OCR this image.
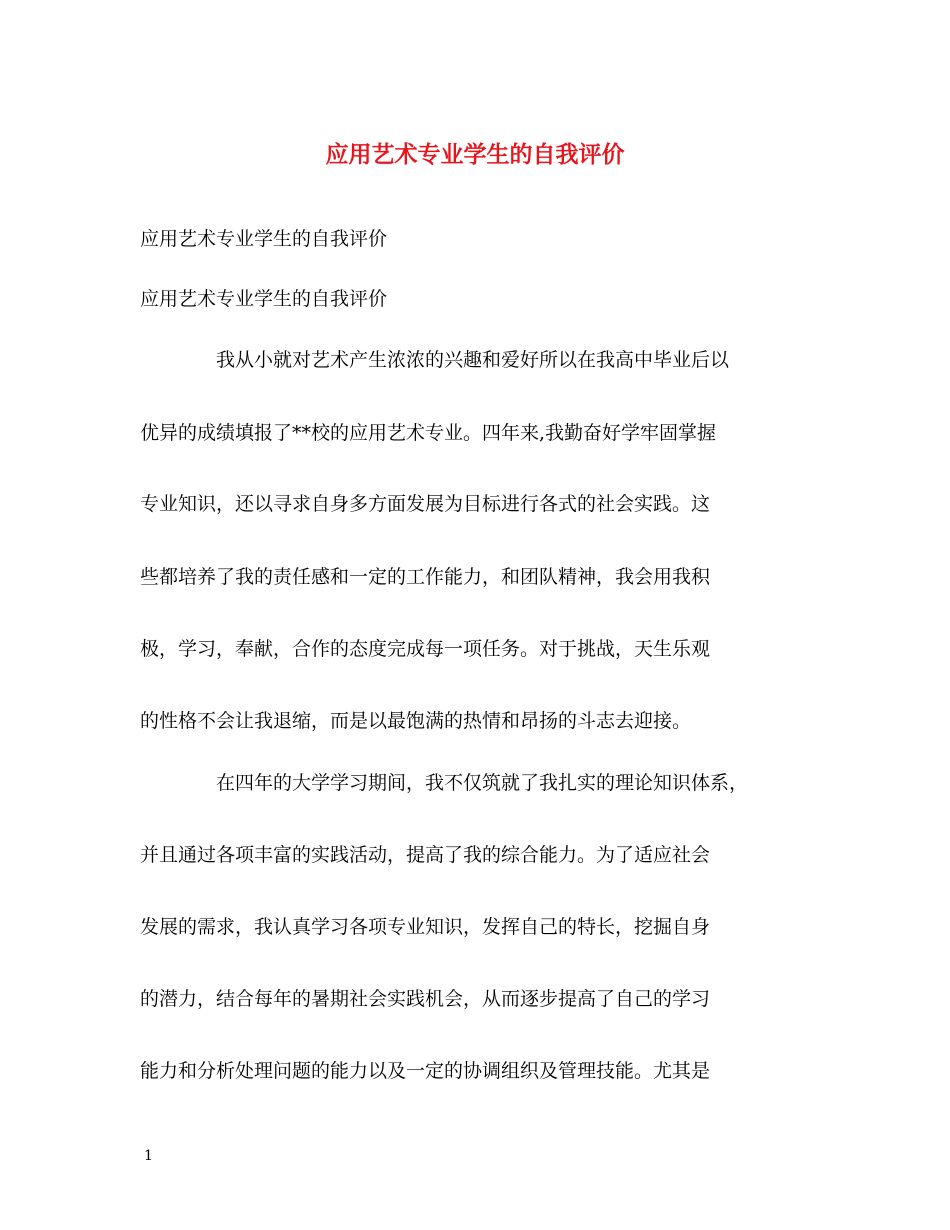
应用艺术专业学生的自我评价

应用艺术专业学生的自我评价

应用艺术专业学生的自我评价

我从小就对艺术产生浓浓的兴趣和爱好所以在我高中毕业后以

优异的成绩填报了**校的应用艺术专业。四年来,我勤奋好学牢固掌握

专业知识，还以寻求自身多方面发展为目标进行各式的社会实践。这

些都培养了我的责任感和一定的工作能力，和团队精神，我会用我积

极，学习，奉献，合作的态度完成每一项任务。对于挑战，天生乐观

的性格不会让我退缩，而是以最饱满的热情和昂扬的斗志去迎接。

在四年的大学学习期间，我不仅筑就了我扎实的理论知识体系，

并且通过各项丰富的实践活动，提高了我的综合能力。为了适应社会

发展的需求，我认真学习各项专业知识，发挥自己的特长，挖掘自身

的潜力，结合每年的暑期社会实践机会，从而逐步提高了自己的学习

能力和分析处理问题的能力以及一定的协调组织及管理技能。尤其是

1
